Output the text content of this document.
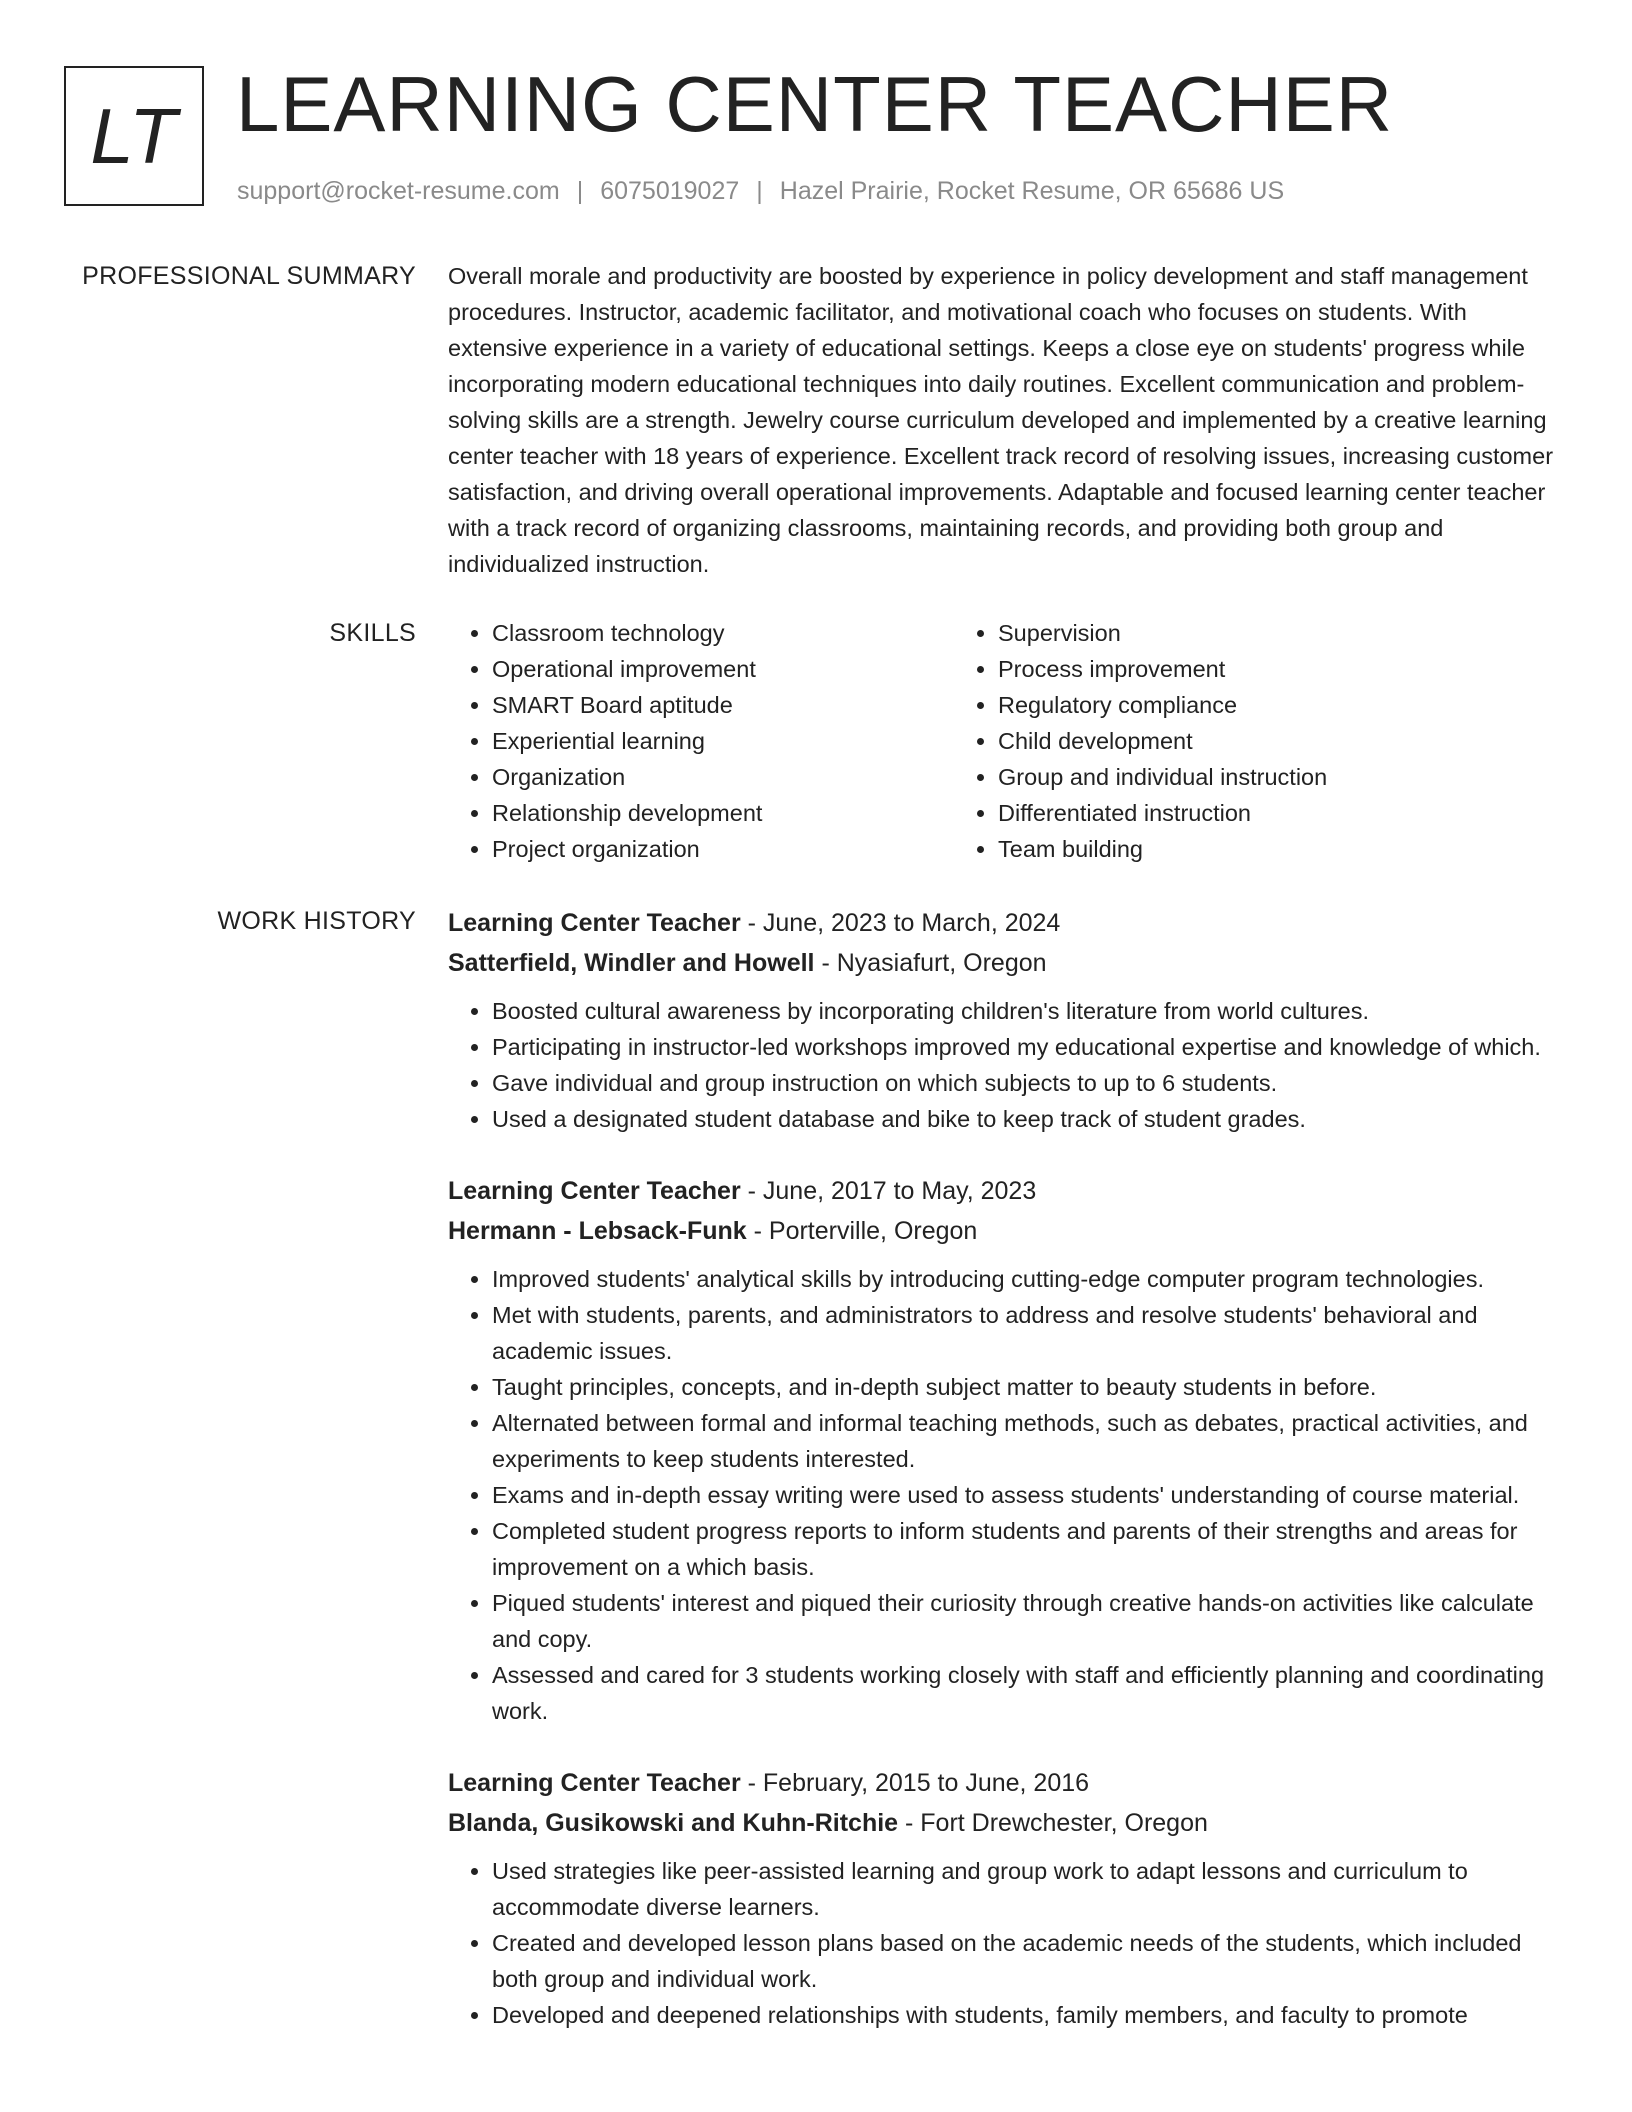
LT LEARNING CENTER TEACHER
support@rocket-resume.com | 6075019027 | Hazel Prairie, Rocket Resume, OR 65686 US
PROFESSIONAL SUMMARY Overall morale and productivity are boosted by experience in policy development and staff management procedures. Instructor, academic facilitator, and motivational coach who focuses on students. With extensive experience in a variety of educational settings. Keeps a close eye on students' progress while incorporating modern educational techniques into daily routines. Excellent communication and problem-solving skills are a strength. Jewelry course curriculum developed and implemented by a creative learning center teacher with 18 years of experience. Excellent track record of resolving issues, increasing customer satisfaction, and driving overall operational improvements. Adaptable and focused learning center teacher with a track record of organizing classrooms, maintaining records, and providing both group and individualized instruction.

SKILLS
•	Classroom technology
• Operational improvement
• SMART Board aptitude
• Experiential learning
• Organization
• Relationship development
• Project organization
• Supervision
• Process improvement
• Regulatory compliance
• Child development
• Group and individual instruction
• Differentiated instruction
• Team building
WORK HISTORY Learning Center Teacher - June, 2023 to March, 2024
Satterfield, Windler and Howell - Nyasiafurt, Oregon
• Boosted cultural awareness by incorporating children's literature from world cultures.
• Participating in instructor-led workshops improved my educational expertise and knowledge of which.
• Gave individual and group instruction on which subjects to up to 6 students.
• Used a designated student database and bike to keep track of student grades.
Learning Center Teacher - June, 2017 to May, 2023
Hermann - Lebsack-Funk - Porterville, Oregon
• Improved students' analytical skills by introducing cutting-edge computer program technologies.
• Met with students, parents, and administrators to address and resolve students' behavioral and academic issues.
• Taught principles, concepts, and in-depth subject matter to beauty students in before.
• Alternated between formal and informal teaching methods, such as debates, practical activities, and experiments to keep students interested.
• Exams and in-depth essay writing were used to assess students' understanding of course material.
• Completed student progress reports to inform students and parents of their strengths and areas for improvement on a which basis.
• Piqued students' interest and piqued their curiosity through creative hands-on activities like calculate and copy.
• Assessed and cared for 3 students working closely with staff and efficiently planning and coordinating work.
Learning Center Teacher - February, 2015 to June, 2016
Blanda, Gusikowski and Kuhn-Ritchie - Fort Drewchester, Oregon
• Used strategies like peer-assisted learning and group work to adapt lessons and curriculum to accommodate diverse learners.
• Created and developed lesson plans based on the academic needs of the students, which included both group and individual work.
• Developed and deepened relationships with students, family members, and faculty to promote
